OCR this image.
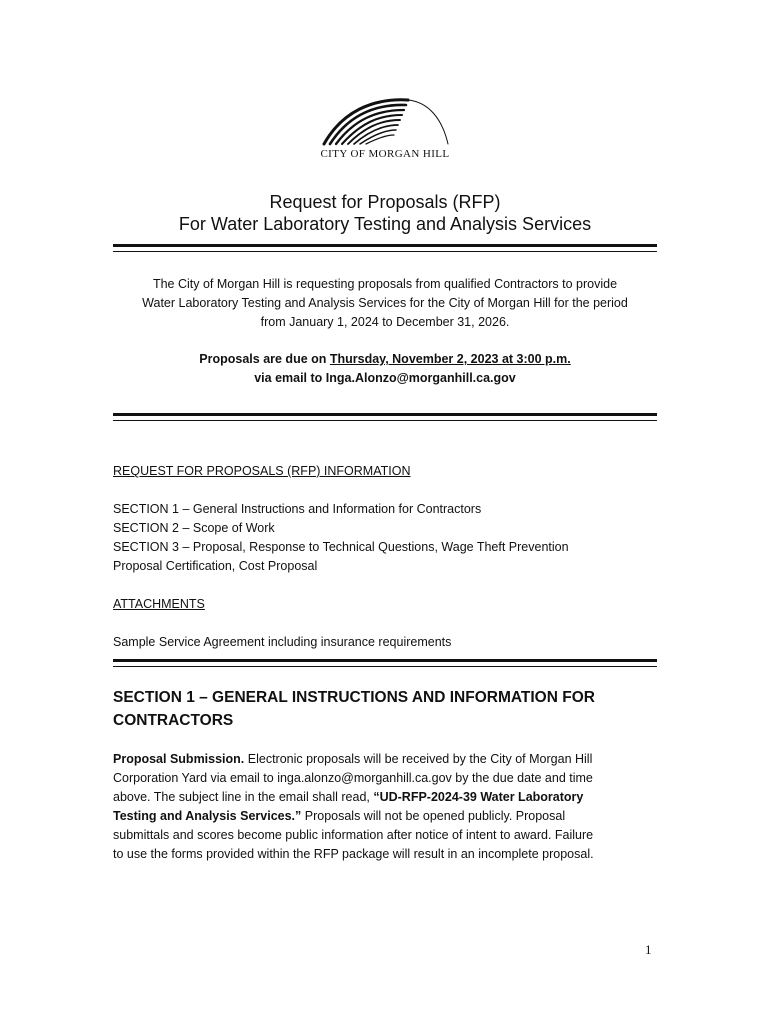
CITY OF MORGAN HILL
Request for Proposals (RFP)
For Water Laboratory Testing and Analysis Services
The City of Morgan Hill is requesting proposals from qualified Contractors to provide
Water Laboratory Testing and Analysis Services for the City of Morgan Hill for the period
from January 1, 2024 to December 31, 2026.
Proposals are due on Thursday, November 2, 2023 at 3:00 p.m.
via email to Inga.Alonzo@morganhill.ca.gov
REQUEST FOR PROPOSALS (RFP) INFORMATION
SECTION 1 – General Instructions and Information for Contractors
SECTION 2 – Scope of Work
SECTION 3 – Proposal, Response to Technical Questions, Wage Theft Prevention
Proposal Certification, Cost Proposal
ATTACHMENTS
Sample Service Agreement including insurance requirements
SECTION 1 – GENERAL INSTRUCTIONS AND INFORMATION FOR
CONTRACTORS
Proposal Submission. Electronic proposals will be received by the City of Morgan Hill
Corporation Yard via email to inga.alonzo@morganhill.ca.gov by the due date and time
above. The subject line in the email shall read, “UD-RFP-2024-39 Water Laboratory
Testing and Analysis Services.” Proposals will not be opened publicly. Proposal
submittals and scores become public information after notice of intent to award. Failure
to use the forms provided within the RFP package will result in an incomplete proposal.
1
